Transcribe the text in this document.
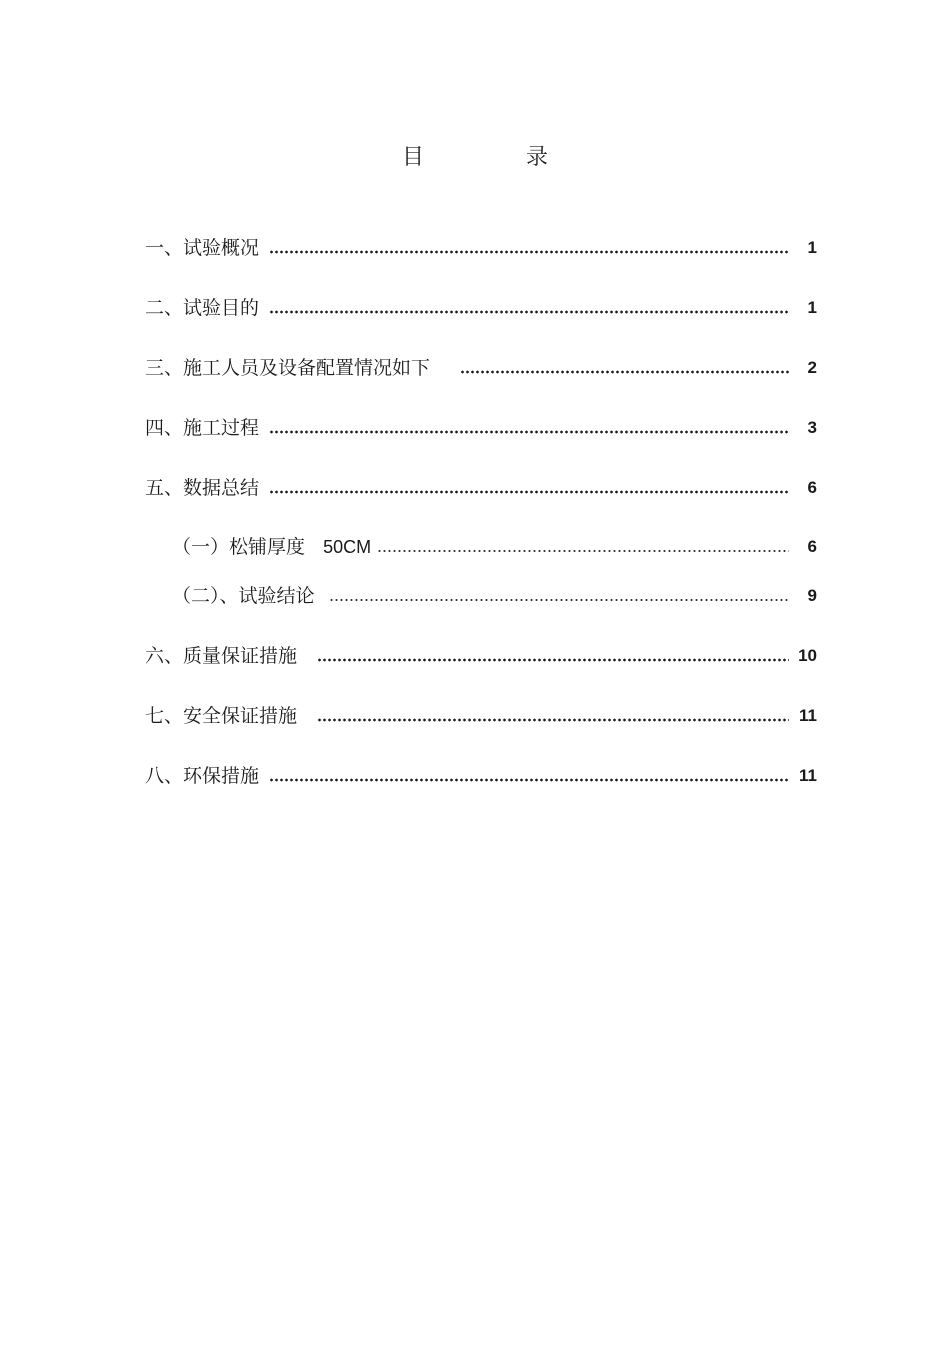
目　录
一、试验概况	1
二、试验目的	1
三、施工人员及设备配置情况如下	2
四、施工过程	3
五、数据总结	6
（一）松铺厚度 50CM	6
（二）、试验结论	9
六、质量保证措施	10
七、安全保证措施	11
八、环保措施	11
